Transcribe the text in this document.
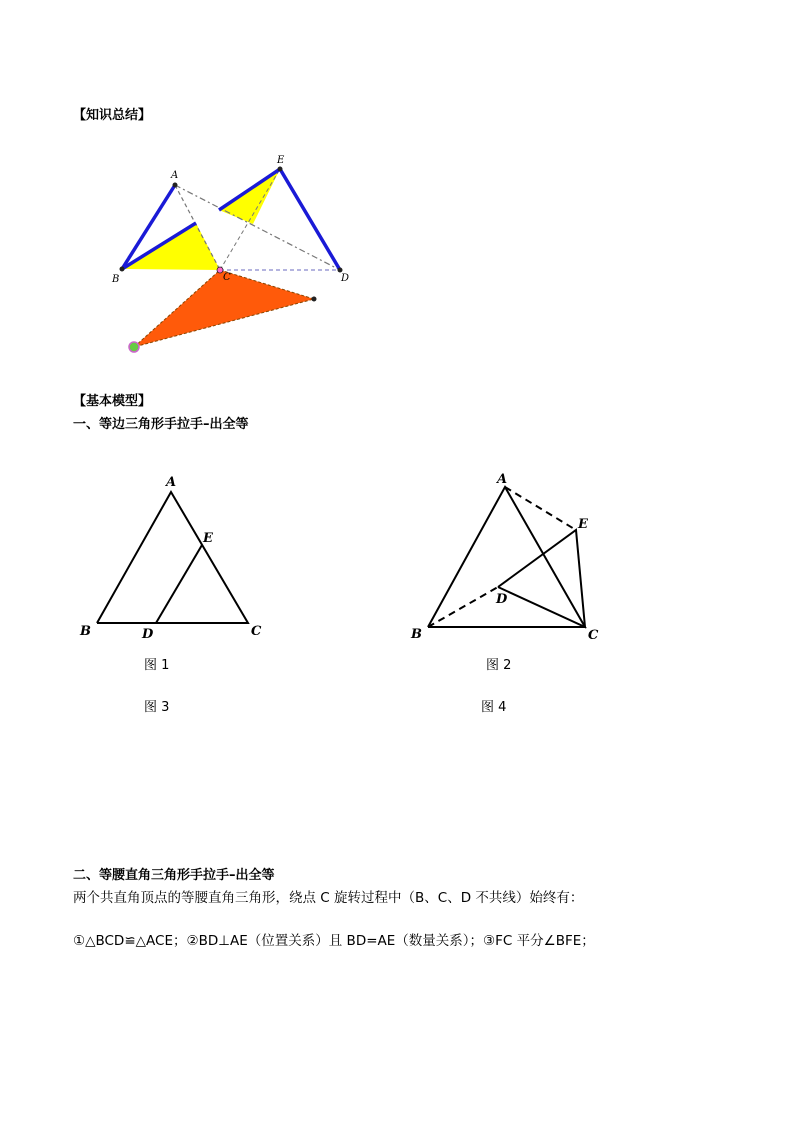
【知识总结】
A
B	C	D
E
【基本模型】
一、等边三角形手拉手–出全等
A
B	D	C
E
A
B	C
D
E
图 1	图 2
图 3	图 4
二、等腰直角三角形手拉手–出全等
两个共直角顶点的等腰直角三角形，绕点 C 旋转过程中（B、C、D 不共线）始终有：
①△BCD≌△ACE；②BD⊥AE（位置关系）且 BD=AE（数量关系）；③FC 平分∠BFE；
